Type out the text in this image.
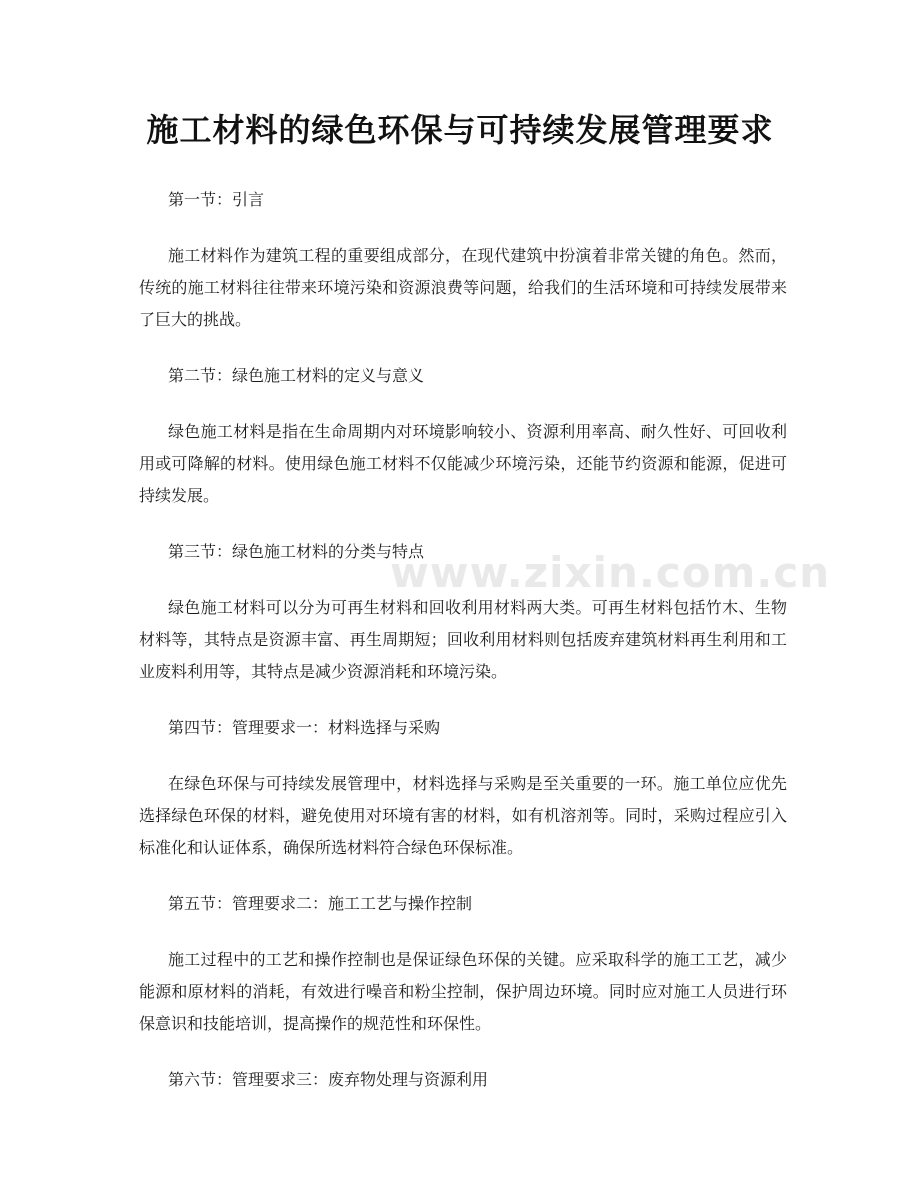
www.zixin.com.cn
施工材料的绿色环保与可持续发展管理要求

第一节：引言

施工材料作为建筑工程的重要组成部分，在现代建筑中扮演着非常关键的角色。然而，传统的施工材料往往带来环境污染和资源浪费等问题，给我们的生活环境和可持续发展带来了巨大的挑战。

第二节：绿色施工材料的定义与意义

绿色施工材料是指在生命周期内对环境影响较小、资源利用率高、耐久性好、可回收利用或可降解的材料。使用绿色施工材料不仅能减少环境污染，还能节约资源和能源，促进可持续发展。

第三节：绿色施工材料的分类与特点

绿色施工材料可以分为可再生材料和回收利用材料两大类。可再生材料包括竹木、生物材料等，其特点是资源丰富、再生周期短；回收利用材料则包括废弃建筑材料再生利用和工业废料利用等，其特点是减少资源消耗和环境污染。

第四节：管理要求一：材料选择与采购

在绿色环保与可持续发展管理中，材料选择与采购是至关重要的一环。施工单位应优先选择绿色环保的材料，避免使用对环境有害的材料，如有机溶剂等。同时，采购过程应引入标准化和认证体系，确保所选材料符合绿色环保标准。

第五节：管理要求二：施工工艺与操作控制

施工过程中的工艺和操作控制也是保证绿色环保的关键。应采取科学的施工工艺，减少能源和原材料的消耗，有效进行噪音和粉尘控制，保护周边环境。同时应对施工人员进行环保意识和技能培训，提高操作的规范性和环保性。

第六节：管理要求三：废弃物处理与资源利用
